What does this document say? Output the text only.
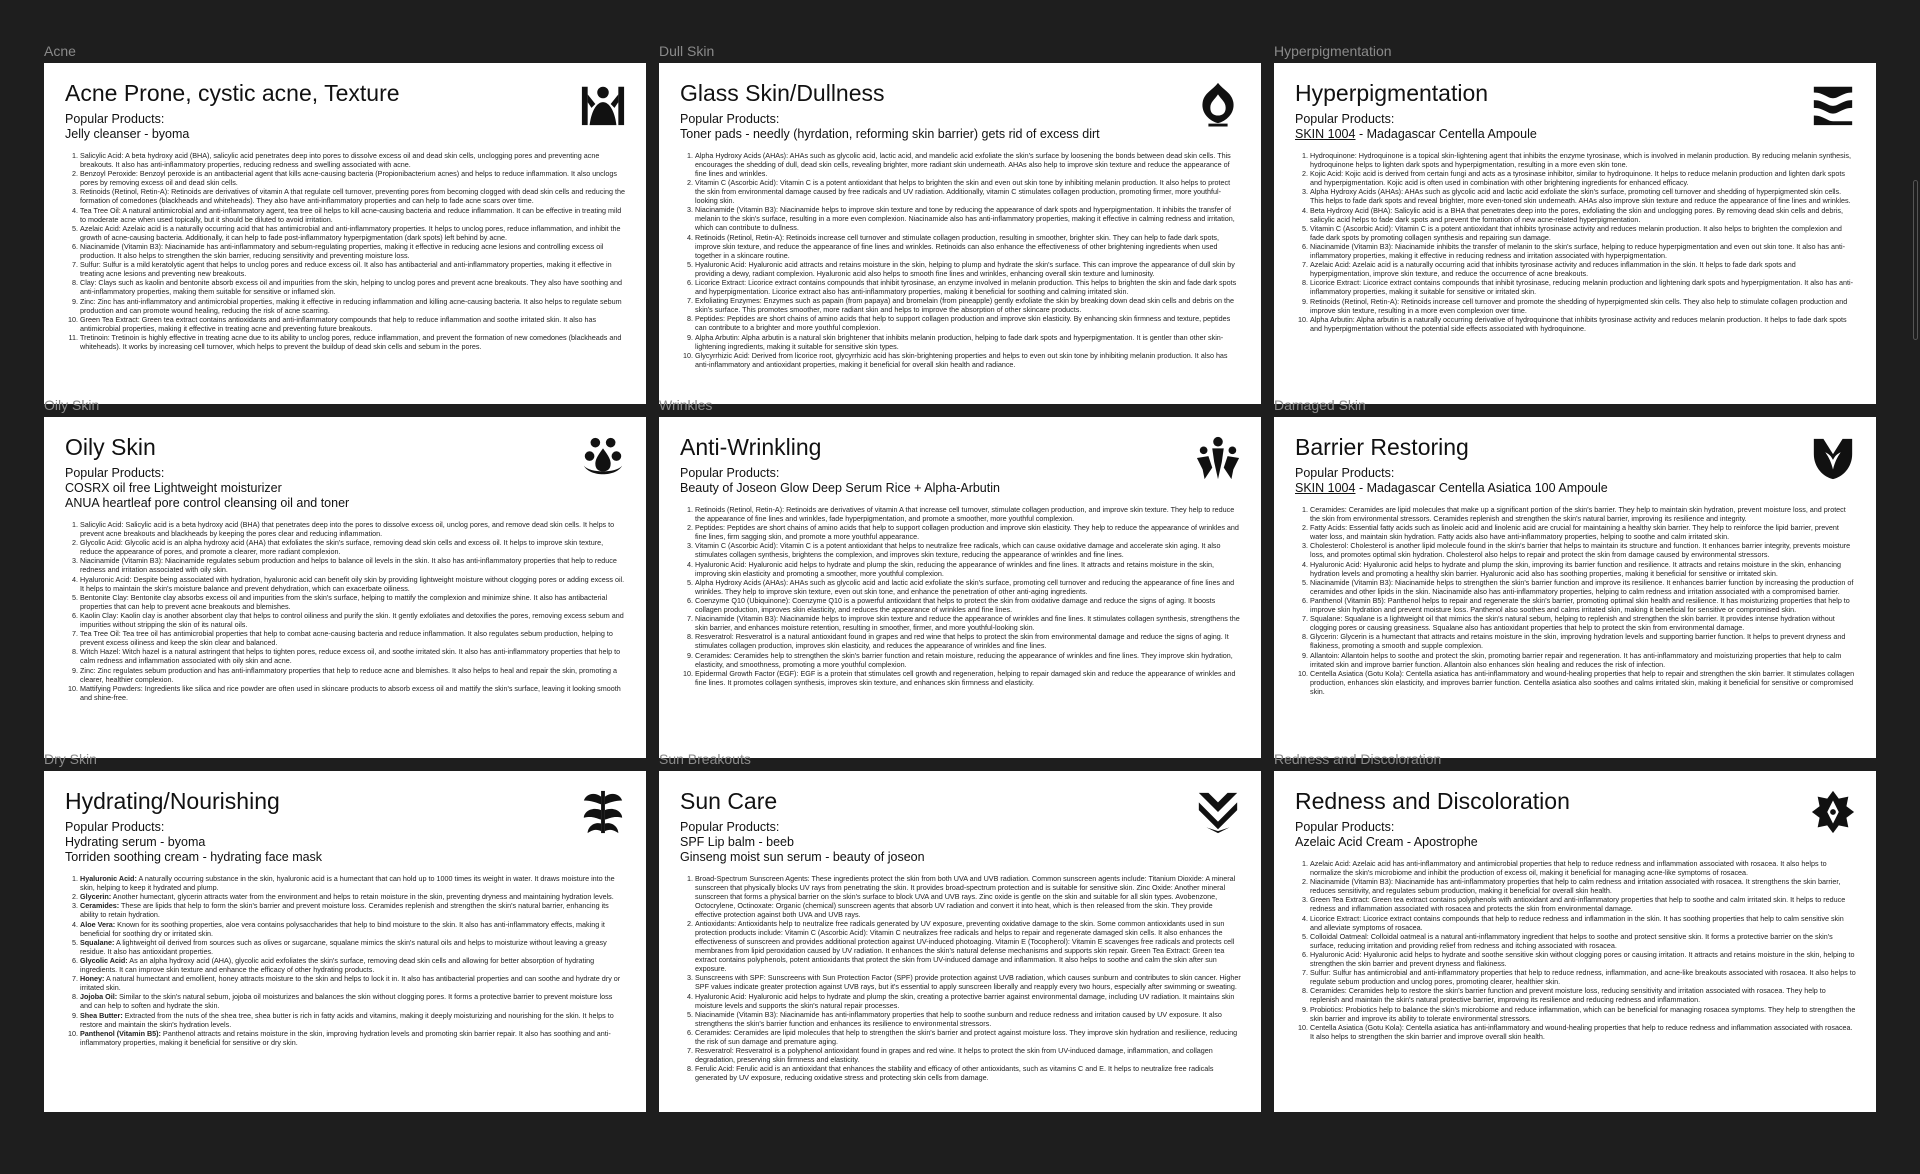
Acne
Acne Prone, cystic acne, Texture
Popular Products:
Jelly cleanser - byoma
1. Salicylic Acid: A beta hydroxy acid (BHA), salicylic acid penetrates deep into pores to dissolve excess oil and dead skin cells, unclogging pores and preventing acne breakouts. It also has anti-inflammatory properties, reducing redness and swelling associated with acne.
2. Benzoyl Peroxide: Benzoyl peroxide is an antibacterial agent that kills acne-causing bacteria (Propionibacterium acnes) and helps to reduce inflammation. It also unclogs pores by removing excess oil and dead skin cells.
3. Retinoids (Retinol, Retin-A): Retinoids are derivatives of vitamin A that regulate cell turnover, preventing pores from becoming clogged with dead skin cells and reducing the formation of comedones (blackheads and whiteheads). They also have anti-inflammatory properties and can help to fade acne scars over time.
4. Tea Tree Oil: A natural antimicrobial and anti-inflammatory agent, tea tree oil helps to kill acne-causing bacteria and reduce inflammation. It can be effective in treating mild to moderate acne when used topically, but it should be diluted to avoid irritation.
5. Azelaic Acid: Azelaic acid is a naturally occurring acid that has antimicrobial and anti-inflammatory properties. It helps to unclog pores, reduce inflammation, and inhibit the growth of acne-causing bacteria. Additionally, it can help to fade post-inflammatory hyperpigmentation (dark spots) left behind by acne.
6. Niacinamide (Vitamin B3): Niacinamide has anti-inflammatory and sebum-regulating properties, making it effective in reducing acne lesions and controlling excess oil production. It also helps to strengthen the skin barrier, reducing sensitivity and preventing moisture loss.
7. Sulfur: Sulfur is a mild keratolytic agent that helps to unclog pores and reduce excess oil. It also has antibacterial and anti-inflammatory properties, making it effective in treating acne lesions and preventing new breakouts.
8. Clay: Clays such as kaolin and bentonite absorb excess oil and impurities from the skin, helping to unclog pores and prevent acne breakouts. They also have soothing and anti-inflammatory properties, making them suitable for sensitive or inflamed skin.
9. Zinc: Zinc has anti-inflammatory and antimicrobial properties, making it effective in reducing inflammation and killing acne-causing bacteria. It also helps to regulate sebum production and can promote wound healing, reducing the risk of acne scarring.
10. Green Tea Extract: Green tea extract contains antioxidants and anti-inflammatory compounds that help to reduce inflammation and soothe irritated skin. It also has antimicrobial properties, making it effective in treating acne and preventing future breakouts.
11. Tretinoin: Tretinoin is highly effective in treating acne due to its ability to unclog pores, reduce inflammation, and prevent the formation of new comedones (blackheads and whiteheads). It works by increasing cell turnover, which helps to prevent the buildup of dead skin cells and sebum in the pores.
Dull Skin
Glass Skin/Dullness
Popular Products:
Toner pads - needly (hyrdation, reforming skin barrier) gets rid of excess dirt
1. Alpha Hydroxy Acids (AHAs): AHAs such as glycolic acid, lactic acid, and mandelic acid exfoliate the skin's surface by loosening the bonds between dead skin cells. This encourages the shedding of dull, dead skin cells, revealing brighter, more radiant skin underneath. AHAs also help to improve skin texture and reduce the appearance of fine lines and wrinkles.
2. Vitamin C (Ascorbic Acid): Vitamin C is a potent antioxidant that helps to brighten the skin and even out skin tone by inhibiting melanin production. It also helps to protect the skin from environmental damage caused by free radicals and UV radiation. Additionally, vitamin C stimulates collagen production, promoting firmer, more youthful-looking skin.
3. Niacinamide (Vitamin B3): Niacinamide helps to improve skin texture and tone by reducing the appearance of dark spots and hyperpigmentation. It inhibits the transfer of melanin to the skin's surface, resulting in a more even complexion. Niacinamide also has anti-inflammatory properties, making it effective in calming redness and irritation, which can contribute to dullness.
4. Retinoids (Retinol, Retin-A): Retinoids increase cell turnover and stimulate collagen production, resulting in smoother, brighter skin. They can help to fade dark spots, improve skin texture, and reduce the appearance of fine lines and wrinkles. Retinoids can also enhance the effectiveness of other brightening ingredients when used together in a skincare routine.
5. Hyaluronic Acid: Hyaluronic acid attracts and retains moisture in the skin, helping to plump and hydrate the skin's surface. This can improve the appearance of dull skin by providing a dewy, radiant complexion. Hyaluronic acid also helps to smooth fine lines and wrinkles, enhancing overall skin texture and luminosity.
6. Licorice Extract: Licorice extract contains compounds that inhibit tyrosinase, an enzyme involved in melanin production. This helps to brighten the skin and fade dark spots and hyperpigmentation. Licorice extract also has anti-inflammatory properties, making it beneficial for soothing and calming irritated skin.
7. Exfoliating Enzymes: Enzymes such as papain (from papaya) and bromelain (from pineapple) gently exfoliate the skin by breaking down dead skin cells and debris on the skin's surface. This promotes smoother, more radiant skin and helps to improve the absorption of other skincare products.
8. Peptides: Peptides are short chains of amino acids that help to support collagen production and improve skin elasticity. By enhancing skin firmness and texture, peptides can contribute to a brighter and more youthful complexion.
9. Alpha Arbutin: Alpha arbutin is a natural skin brightener that inhibits melanin production, helping to fade dark spots and hyperpigmentation. It is gentler than other skin-lightening ingredients, making it suitable for sensitive skin types.
10. Glycyrrhizic Acid: Derived from licorice root, glycyrrhizic acid has skin-brightening properties and helps to even out skin tone by inhibiting melanin production. It also has anti-inflammatory and antioxidant properties, making it beneficial for overall skin health and radiance.
Hyperpigmentation
Hyperpigmentation
Popular Products:
SKIN 1004 - Madagascar Centella Ampoule
1. Hydroquinone: Hydroquinone is a topical skin-lightening agent that inhibits the enzyme tyrosinase, which is involved in melanin production. By reducing melanin synthesis, hydroquinone helps to lighten dark spots and hyperpigmentation, resulting in a more even skin tone.
2. Kojic Acid: Kojic acid is derived from certain fungi and acts as a tyrosinase inhibitor, similar to hydroquinone. It helps to reduce melanin production and lighten dark spots and hyperpigmentation. Kojic acid is often used in combination with other brightening ingredients for enhanced efficacy.
3. Alpha Hydroxy Acids (AHAs): AHAs such as glycolic acid and lactic acid exfoliate the skin's surface, promoting cell turnover and shedding of hyperpigmented skin cells. This helps to fade dark spots and reveal brighter, more even-toned skin underneath. AHAs also improve skin texture and reduce the appearance of fine lines and wrinkles.
4. Beta Hydroxy Acid (BHA): Salicylic acid is a BHA that penetrates deep into the pores, exfoliating the skin and unclogging pores. By removing dead skin cells and debris, salicylic acid helps to fade dark spots and prevent the formation of new acne-related hyperpigmentation.
5. Vitamin C (Ascorbic Acid): Vitamin C is a potent antioxidant that inhibits tyrosinase activity and reduces melanin production. It also helps to brighten the complexion and fade dark spots by promoting collagen synthesis and repairing sun damage.
6. Niacinamide (Vitamin B3): Niacinamide inhibits the transfer of melanin to the skin's surface, helping to reduce hyperpigmentation and even out skin tone. It also has anti-inflammatory properties, making it effective in reducing redness and irritation associated with hyperpigmentation.
7. Azelaic Acid: Azelaic acid is a naturally occurring acid that inhibits tyrosinase activity and reduces inflammation in the skin. It helps to fade dark spots and hyperpigmentation, improve skin texture, and reduce the occurrence of acne breakouts.
8. Licorice Extract: Licorice extract contains compounds that inhibit tyrosinase, reducing melanin production and lightening dark spots and hyperpigmentation. It also has anti-inflammatory properties, making it suitable for sensitive or irritated skin.
9. Retinoids (Retinol, Retin-A): Retinoids increase cell turnover and promote the shedding of hyperpigmented skin cells. They also help to stimulate collagen production and improve skin texture, resulting in a more even complexion over time.
10. Alpha Arbutin: Alpha arbutin is a naturally occurring derivative of hydroquinone that inhibits tyrosinase activity and reduces melanin production. It helps to fade dark spots and hyperpigmentation without the potential side effects associated with hydroquinone.
Oily Skin
Oily Skin
Popular Products:
COSRX oil free Lightweight moisturizer
ANUA heartleaf pore control cleansing oil and toner
1. Salicylic Acid: Salicylic acid is a beta hydroxy acid (BHA) that penetrates deep into the pores to dissolve excess oil, unclog pores, and remove dead skin cells. It helps to prevent acne breakouts and blackheads by keeping the pores clear and reducing inflammation.
2. Glycolic Acid: Glycolic acid is an alpha hydroxy acid (AHA) that exfoliates the skin's surface, removing dead skin cells and excess oil. It helps to improve skin texture, reduce the appearance of pores, and promote a clearer, more radiant complexion.
3. Niacinamide (Vitamin B3): Niacinamide regulates sebum production and helps to balance oil levels in the skin. It also has anti-inflammatory properties that help to reduce redness and irritation associated with oily skin.
4. Hyaluronic Acid: Despite being associated with hydration, hyaluronic acid can benefit oily skin by providing lightweight moisture without clogging pores or adding excess oil. It helps to maintain the skin's moisture balance and prevent dehydration, which can exacerbate oiliness.
5. Bentonite Clay: Bentonite clay absorbs excess oil and impurities from the skin's surface, helping to mattify the complexion and minimize shine. It also has antibacterial properties that can help to prevent acne breakouts and blemishes.
6. Kaolin Clay: Kaolin clay is another absorbent clay that helps to control oiliness and purify the skin. It gently exfoliates and detoxifies the pores, removing excess sebum and impurities without stripping the skin of its natural oils.
7. Tea Tree Oil: Tea tree oil has antimicrobial properties that help to combat acne-causing bacteria and reduce inflammation. It also regulates sebum production, helping to prevent excess oiliness and keep the skin clear and balanced.
8. Witch Hazel: Witch hazel is a natural astringent that helps to tighten pores, reduce excess oil, and soothe irritated skin. It also has anti-inflammatory properties that help to calm redness and inflammation associated with oily skin and acne.
9. Zinc: Zinc regulates sebum production and has anti-inflammatory properties that help to reduce acne and blemishes. It also helps to heal and repair the skin, promoting a clearer, healthier complexion.
10. Mattifying Powders: Ingredients like silica and rice powder are often used in skincare products to absorb excess oil and mattify the skin's surface, leaving it looking smooth and shine-free.
Wrinkles
Anti-Wrinkling
Popular Products:
Beauty of Joseon Glow Deep Serum Rice + Alpha-Arbutin
1. Retinoids (Retinol, Retin-A): Retinoids are derivatives of vitamin A that increase cell turnover, stimulate collagen production, and improve skin texture. They help to reduce the appearance of fine lines and wrinkles, fade hyperpigmentation, and promote a smoother, more youthful complexion.
2. Peptides: Peptides are short chains of amino acids that help to support collagen production and improve skin elasticity. They help to reduce the appearance of wrinkles and fine lines, firm sagging skin, and promote a more youthful appearance.
3. Vitamin C (Ascorbic Acid): Vitamin C is a potent antioxidant that helps to neutralize free radicals, which can cause oxidative damage and accelerate skin aging. It also stimulates collagen synthesis, brightens the complexion, and improves skin texture, reducing the appearance of wrinkles and fine lines.
4. Hyaluronic Acid: Hyaluronic acid helps to hydrate and plump the skin, reducing the appearance of wrinkles and fine lines. It attracts and retains moisture in the skin, improving skin elasticity and promoting a smoother, more youthful complexion.
5. Alpha Hydroxy Acids (AHAs): AHAs such as glycolic acid and lactic acid exfoliate the skin's surface, promoting cell turnover and reducing the appearance of fine lines and wrinkles. They help to improve skin texture, even out skin tone, and enhance the penetration of other anti-aging ingredients.
6. Coenzyme Q10 (Ubiquinone): Coenzyme Q10 is a powerful antioxidant that helps to protect the skin from oxidative damage and reduce the signs of aging. It boosts collagen production, improves skin elasticity, and reduces the appearance of wrinkles and fine lines.
7. Niacinamide (Vitamin B3): Niacinamide helps to improve skin texture and reduce the appearance of wrinkles and fine lines. It stimulates collagen synthesis, strengthens the skin barrier, and enhances moisture retention, resulting in smoother, firmer, and more youthful-looking skin.
8. Resveratrol: Resveratrol is a natural antioxidant found in grapes and red wine that helps to protect the skin from environmental damage and reduce the signs of aging. It stimulates collagen production, improves skin elasticity, and reduces the appearance of wrinkles and fine lines.
9. Ceramides: Ceramides help to strengthen the skin's barrier function and retain moisture, reducing the appearance of wrinkles and fine lines. They improve skin hydration, elasticity, and smoothness, promoting a more youthful complexion.
10. Epidermal Growth Factor (EGF): EGF is a protein that stimulates cell growth and regeneration, helping to repair damaged skin and reduce the appearance of wrinkles and fine lines. It promotes collagen synthesis, improves skin texture, and enhances skin firmness and elasticity.
Damaged Skin
Barrier Restoring
Popular Products:
SKIN 1004 - Madagascar Centella Asiatica 100 Ampoule
1. Ceramides: Ceramides are lipid molecules that make up a significant portion of the skin's barrier. They help to maintain skin hydration, prevent moisture loss, and protect the skin from environmental stressors. Ceramides replenish and strengthen the skin's natural barrier, improving its resilience and integrity.
2. Fatty Acids: Essential fatty acids such as linoleic acid and linolenic acid are crucial for maintaining a healthy skin barrier. They help to reinforce the lipid barrier, prevent water loss, and maintain skin hydration. Fatty acids also have anti-inflammatory properties, helping to soothe and calm irritated skin.
3. Cholesterol: Cholesterol is another lipid molecule found in the skin's barrier that helps to maintain its structure and function. It enhances barrier integrity, prevents moisture loss, and promotes optimal skin hydration. Cholesterol also helps to repair and protect the skin from damage caused by environmental stressors.
4. Hyaluronic Acid: Hyaluronic acid helps to hydrate and plump the skin, improving its barrier function and resilience. It attracts and retains moisture in the skin, enhancing hydration levels and promoting a healthy skin barrier. Hyaluronic acid also has soothing properties, making it beneficial for sensitive or irritated skin.
5. Niacinamide (Vitamin B3): Niacinamide helps to strengthen the skin's barrier function and improve its resilience. It enhances barrier function by increasing the production of ceramides and other lipids in the skin. Niacinamide also has anti-inflammatory properties, helping to calm redness and irritation associated with a compromised barrier.
6. Panthenol (Vitamin B5): Panthenol helps to repair and regenerate the skin's barrier, promoting optimal skin health and resilience. It has moisturizing properties that help to improve skin hydration and prevent moisture loss. Panthenol also soothes and calms irritated skin, making it beneficial for sensitive or compromised skin.
7. Squalane: Squalane is a lightweight oil that mimics the skin's natural sebum, helping to replenish and strengthen the skin barrier. It provides intense hydration without clogging pores or causing greasiness. Squalane also has antioxidant properties that help to protect the skin from environmental damage.
8. Glycerin: Glycerin is a humectant that attracts and retains moisture in the skin, improving hydration levels and supporting barrier function. It helps to prevent dryness and flakiness, promoting a smooth and supple complexion.
9. Allantoin: Allantoin helps to soothe and protect the skin, promoting barrier repair and regeneration. It has anti-inflammatory and moisturizing properties that help to calm irritated skin and improve barrier function. Allantoin also enhances skin healing and reduces the risk of infection.
10. Centella Asiatica (Gotu Kola): Centella asiatica has anti-inflammatory and wound-healing properties that help to repair and strengthen the skin barrier. It stimulates collagen production, enhances skin elasticity, and improves barrier function. Centella asiatica also soothes and calms irritated skin, making it beneficial for sensitive or compromised skin.
Dry Skin
Hydrating/Nourishing
Popular Products:
Hydrating serum - byoma
Torriden soothing cream - hydrating face mask
1. Hyaluronic Acid: A naturally occurring substance in the skin, hyaluronic acid is a humectant that can hold up to 1000 times its weight in water. It draws moisture into the skin, helping to keep it hydrated and plump.
2. Glycerin: Another humectant, glycerin attracts water from the environment and helps to retain moisture in the skin, preventing dryness and maintaining hydration levels.
3. Ceramides: These are lipids that help to form the skin's barrier and prevent moisture loss. Ceramides replenish and strengthen the skin's natural barrier, enhancing its ability to retain hydration.
4. Aloe Vera: Known for its soothing properties, aloe vera contains polysaccharides that help to bind moisture to the skin. It also has anti-inflammatory effects, making it beneficial for soothing dry or irritated skin.
5. Squalane: A lightweight oil derived from sources such as olives or sugarcane, squalane mimics the skin's natural oils and helps to moisturize without leaving a greasy residue. It also has antioxidant properties.
6. Glycolic Acid: As an alpha hydroxy acid (AHA), glycolic acid exfoliates the skin's surface, removing dead skin cells and allowing for better absorption of hydrating ingredients. It can improve skin texture and enhance the efficacy of other hydrating products.
7. Honey: A natural humectant and emollient, honey attracts moisture to the skin and helps to lock it in. It also has antibacterial properties and can soothe and hydrate dry or irritated skin.
8. Jojoba Oil: Similar to the skin's natural sebum, jojoba oil moisturizes and balances the skin without clogging pores. It forms a protective barrier to prevent moisture loss and can help to soften and hydrate the skin.
9. Shea Butter: Extracted from the nuts of the shea tree, shea butter is rich in fatty acids and vitamins, making it deeply moisturizing and nourishing for the skin. It helps to restore and maintain the skin's hydration levels.
10. Panthenol (Vitamin B5): Panthenol attracts and retains moisture in the skin, improving hydration levels and promoting skin barrier repair. It also has soothing and anti-inflammatory properties, making it beneficial for sensitive or dry skin.
Sun Breakouts
Sun Care
Popular Products:
SPF Lip balm - beeb
Ginseng moist sun serum - beauty of joseon
1. Broad-Spectrum Sunscreen Agents: These ingredients protect the skin from both UVA and UVB radiation. Common sunscreen agents include: Titanium Dioxide: A mineral sunscreen that physically blocks UV rays from penetrating the skin. It provides broad-spectrum protection and is suitable for sensitive skin. Zinc Oxide: Another mineral sunscreen that forms a physical barrier on the skin's surface to block UVA and UVB rays. Zinc oxide is gentle on the skin and suitable for all skin types. Avobenzone, Octocrylene, Octinoxate: Organic (chemical) sunscreen agents that absorb UV radiation and convert it into heat, which is then released from the skin. They provide effective protection against both UVA and UVB rays.
2. Antioxidants: Antioxidants help to neutralize free radicals generated by UV exposure, preventing oxidative damage to the skin. Some common antioxidants used in sun protection products include: Vitamin C (Ascorbic Acid): Vitamin C neutralizes free radicals and helps to repair and regenerate damaged skin cells. It also enhances the effectiveness of sunscreen and provides additional protection against UV-induced photoaging. Vitamin E (Tocopherol): Vitamin E scavenges free radicals and protects cell membranes from lipid peroxidation caused by UV radiation. It enhances the skin's natural defense mechanisms and supports skin repair. Green Tea Extract: Green tea extract contains polyphenols, potent antioxidants that protect the skin from UV-induced damage and inflammation. It also helps to soothe and calm the skin after sun exposure.
3. Sunscreens with SPF: Sunscreens with Sun Protection Factor (SPF) provide protection against UVB radiation, which causes sunburn and contributes to skin cancer. Higher SPF values indicate greater protection against UVB rays, but it's essential to apply sunscreen liberally and reapply every two hours, especially after swimming or sweating.
4. Hyaluronic Acid: Hyaluronic acid helps to hydrate and plump the skin, creating a protective barrier against environmental damage, including UV radiation. It maintains skin moisture levels and supports the skin's natural repair processes.
5. Niacinamide (Vitamin B3): Niacinamide has anti-inflammatory properties that help to soothe sunburn and reduce redness and irritation caused by UV exposure. It also strengthens the skin's barrier function and enhances its resilience to environmental stressors.
6. Ceramides: Ceramides are lipid molecules that help to strengthen the skin's barrier and protect against moisture loss. They improve skin hydration and resilience, reducing the risk of sun damage and premature aging.
7. Resveratrol: Resveratrol is a polyphenol antioxidant found in grapes and red wine. It helps to protect the skin from UV-induced damage, inflammation, and collagen degradation, preserving skin firmness and elasticity.
8. Ferulic Acid: Ferulic acid is an antioxidant that enhances the stability and efficacy of other antioxidants, such as vitamins C and E. It helps to neutralize free radicals generated by UV exposure, reducing oxidative stress and protecting skin cells from damage.
Redness and Discoloration
Redness and Discoloration
Popular Products:
Azelaic Acid Cream - Apostrophe
1. Azelaic Acid: Azelaic acid has anti-inflammatory and antimicrobial properties that help to reduce redness and inflammation associated with rosacea. It also helps to normalize the skin's microbiome and inhibit the production of excess oil, making it beneficial for managing acne-like symptoms of rosacea.
2. Niacinamide (Vitamin B3): Niacinamide has anti-inflammatory properties that help to calm redness and irritation associated with rosacea. It strengthens the skin barrier, reduces sensitivity, and regulates sebum production, making it beneficial for overall skin health.
3. Green Tea Extract: Green tea extract contains polyphenols with antioxidant and anti-inflammatory properties that help to soothe and calm irritated skin. It helps to reduce redness and inflammation associated with rosacea and protects the skin from environmental damage.
4. Licorice Extract: Licorice extract contains compounds that help to reduce redness and inflammation in the skin. It has soothing properties that help to calm sensitive skin and alleviate symptoms of rosacea.
5. Colloidal Oatmeal: Colloidal oatmeal is a natural anti-inflammatory ingredient that helps to soothe and protect sensitive skin. It forms a protective barrier on the skin's surface, reducing irritation and providing relief from redness and itching associated with rosacea.
6. Hyaluronic Acid: Hyaluronic acid helps to hydrate and soothe sensitive skin without clogging pores or causing irritation. It attracts and retains moisture in the skin, helping to strengthen the skin barrier and prevent dryness and flakiness.
7. Sulfur: Sulfur has antimicrobial and anti-inflammatory properties that help to reduce redness, inflammation, and acne-like breakouts associated with rosacea. It also helps to regulate sebum production and unclog pores, promoting clearer, healthier skin.
8. Ceramides: Ceramides help to restore the skin's barrier function and prevent moisture loss, reducing sensitivity and irritation associated with rosacea. They help to replenish and maintain the skin's natural protective barrier, improving its resilience and reducing redness and inflammation.
9. Probiotics: Probiotics help to balance the skin's microbiome and reduce inflammation, which can be beneficial for managing rosacea symptoms. They help to strengthen the skin barrier and improve its ability to tolerate environmental stressors.
10. Centella Asiatica (Gotu Kola): Centella asiatica has anti-inflammatory and wound-healing properties that help to reduce redness and inflammation associated with rosacea. It also helps to strengthen the skin barrier and improve overall skin health.
